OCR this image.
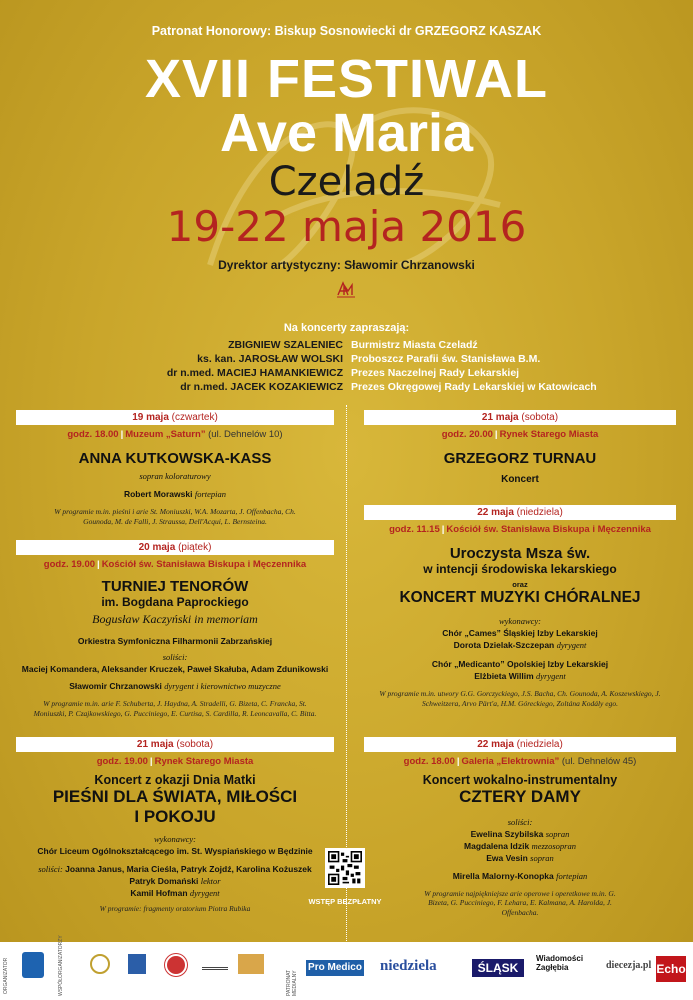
Patronat Honorowy: Biskup Sosnowiecki dr GRZEGORZ KASZAK
XVII FESTIWAL
Ave Maria
Czeladź
19-22 maja 2016
Dyrektor artystyczny: Sławomir Chrzanowski
Na koncerty zapraszają:
ZBIGNIEW SZALENIEC Burmistrz Miasta Czeladź
ks. kan. JAROSŁAW WOLSKI Proboszcz Parafii św. Stanisława B.M.
dr n.med. MACIEJ HAMANKIEWICZ Prezes Naczelnej Rady Lekarskiej
dr n.med. JACEK KOZAKIEWICZ Prezes Okręgowej Rady Lekarskiej w Katowicach
19 maja (czwartek)
godz. 18.00 | Muzeum „Saturn” (ul. Dehnelów 10)
ANNA KUTKOWSKA-KASS
sopran koloraturowy
Robert Morawski fortepian
W programie m.in. pieśni i arie St. Moniuszki, W.A. Mozarta, J. Offenbacha, Ch. Gounoda, M. de Falli, J. Straussa, Dell'Acqui, L. Bernsteina.
20 maja (piątek)
godz. 19.00 | Kościół św. Stanisława Biskupa i Męczennika
TURNIEJ TENORÓW
im. Bogdana Paprockiego
Bogusław Kaczyński in memoriam
Orkiestra Symfoniczna Filharmonii Zabrzańskiej
soliści:
Maciej Komandera, Aleksander Kruczek, Paweł Skałuba, Adam Zdunikowski
Sławomir Chrzanowski dyrygent i kierownictwo muzyczne
W programie m.in. arie F. Schuberta, J. Haydna, A. Stradelli, G. Bizeta, C. Francka, St. Moniuszki, P. Czajkowskiego, G. Pucciniego, E. Curtisa, S. Cardilla, R. Leoncavalla, C. Bitta.
21 maja (sobota)
godz. 19.00 | Rynek Starego Miasta
Koncert z okazji Dnia Matki
PIEŚNI DLA ŚWIATA, MIŁOŚCI
I POKOJU
wykonawcy:
Chór Liceum Ogólnokształcącego im. St. Wyspiańskiego w Będzinie
soliści: Joanna Janus, Maria Cieśla, Patryk Zojdź, Karolina Kożuszek
Patryk Domański lektor
Kamil Hofman dyrygent
W programie: fragmenty oratorium Piotra Rubika
21 maja (sobota)
godz. 20.00 | Rynek Starego Miasta
GRZEGORZ TURNAU
Koncert
22 maja (niedziela)
godz. 11.15 | Kościół św. Stanisława Biskupa i Męczennika
Uroczysta Msza św.
w intencji środowiska lekarskiego
oraz
KONCERT MUZYKI CHÓRALNEJ
wykonawcy:
Chór „Cames” Śląskiej Izby Lekarskiej
Dorota Dzielak-Szczepan dyrygent
Chór „Medicanto” Opolskiej Izby Lekarskiej
Elżbieta Willim dyrygent
W programie m.in. utwory G.G. Gorczyckiego, J.S. Bacha, Ch. Gounoda, A. Koszewskiego, J. Schweitzera, Arvo Pärt'a, H.M. Góreckiego, Zoltána Kodály ego.
22 maja (niedziela)
godz. 18.00 | Galeria „Elektrownia” (ul. Dehnelów 45)
Koncert wokalno-instrumentalny
CZTERY DAMY
soliści:
Ewelina Szybilska sopran
Magdalena Idzik mezzosopran
Ewa Vesin sopran
Mirella Malorny-Konopka fortepian
W programie najpiękniejsze arie operowe i operetkowe m.in. G. Bizeta, G. Pucciniego, F. Lehara, E. Kalmana, A. Harolda, J. Offenbacha.
WSTĘP BEZPŁATNY
ORGANIZATOR	WSPÓŁORGANIZATORZY	PATRONAT MEDIALNY
Pro Medico niedziela	ŚLĄSK
Wiadomości Zagłębia	diecezja.pl Echo
